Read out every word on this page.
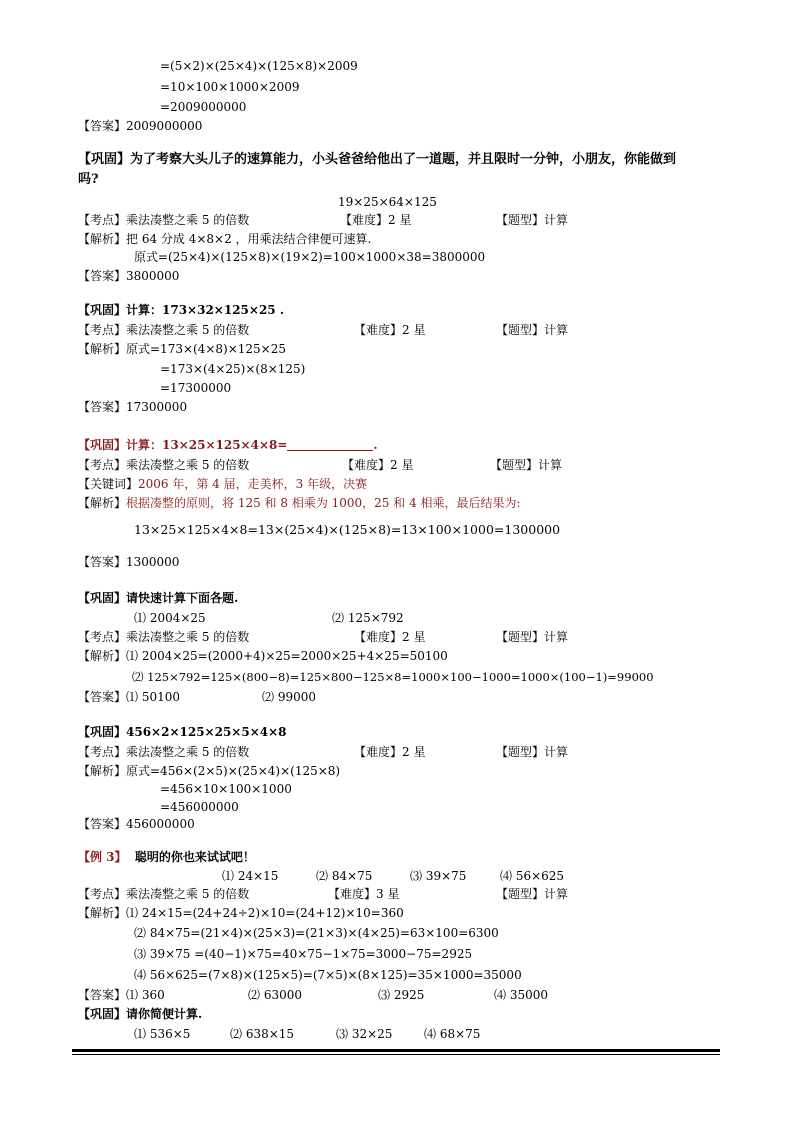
=(5×2)×(25×4)×(125×8)×2009
=10×100×1000×2009
=2009000000
【答案】2009000000
【巩固】为了考察大头儿子的速算能力，小头爸爸给他出了一道题，并且限时一分钟，小朋友，你能做到
吗?
19×25×64×125
【考点】乘法凑整之乘 5 的倍数	【难度】2 星	【题型】计算
【解析】把 64 分成 4×8×2 ，用乘法结合律便可速算.
原式=(25×4)×(125×8)×(19×2)=100×1000×38=3800000
【答案】3800000
【巩固】计算：173×32×125×25 .
【考点】乘法凑整之乘 5 的倍数	【难度】2 星	【题型】计算
【解析】原式=173×(4×8)×125×25
=173×(4×25)×(8×125)
=17300000
【答案】17300000
【巩固】计算：13×25×125×4×8=	.
【考点】乘法凑整之乘 5 的倍数	【难度】2 星	【题型】计算
【关键词】2006 年，第 4 届，走美杯，3 年级，决赛
【解析】根据凑整的原则，将 125 和 8 相乘为 1000，25 和 4 相乘，最后结果为:
13×25×125×4×8=13×(25×4)×(125×8)=13×100×1000=1300000
【答案】1300000
【巩固】请快速计算下面各题.
⑴ 2004×25	⑵ 125×792
【考点】乘法凑整之乘 5 的倍数	【难度】2 星	【题型】计算
【解析】⑴ 2004×25=(2000+4)×25=2000×25+4×25=50100
⑵ 125×792=125×(800−8)=125×800−125×8=1000×100−1000=1000×(100−1)=99000
【答案】⑴ 50100	⑵ 99000
【巩固】456×2×125×25×5×4×8
【考点】乘法凑整之乘 5 的倍数	【难度】2 星	【题型】计算
【解析】原式=456×(2×5)×(25×4)×(125×8)
=456×10×100×1000
=456000000
【答案】456000000
【例 3】 聪明的你也来试试吧！
⑴ 24×15	⑵ 84×75	⑶ 39×75	⑷ 56×625
【考点】乘法凑整之乘 5 的倍数	【难度】3 星	【题型】计算
【解析】⑴ 24×15=(24+24÷2)×10=(24+12)×10=360
⑵ 84×75=(21×4)×(25×3)=(21×3)×(4×25)=63×100=6300
⑶ 39×75 =(40−1)×75=40×75−1×75=3000−75=2925
⑷ 56×625=(7×8)×(125×5)=(7×5)×(8×125)=35×1000=35000
【答案】⑴ 360	⑵ 63000	⑶ 2925	⑷ 35000
【巩固】请你简便计算.
⑴ 536×5	⑵ 638×15	⑶ 32×25	⑷ 68×75
